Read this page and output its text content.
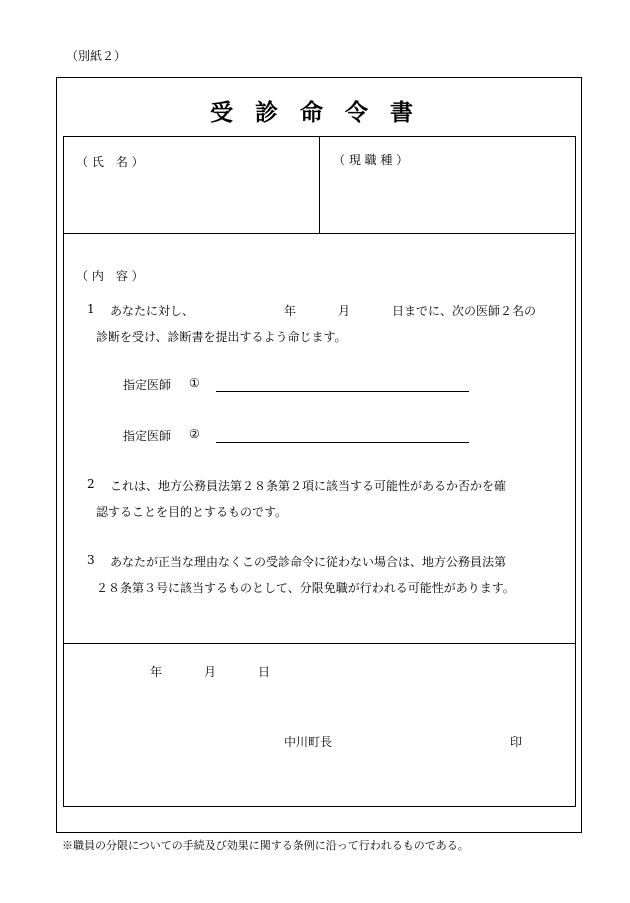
（別紙２）
受診命令書
（ 氏　名 ）	（ 現 職 種 ）
（ 内　容 ）
1 あなたに対し、	年	月	日までに、次の医師２名の
診断を受け、診断書を提出するよう命じます。
指定医師 ①
指定医師 ②
2 これは、地方公務員法第２８条第２項に該当する可能性があるか否かを確
認することを目的とするものです。
3 あなたが正当な理由なくこの受診命令に従わない場合は、地方公務員法第
２８条第３号に該当するものとして、分限免職が行われる可能性があります。
年	月	日
中川町長	印
※職員の分限についての手続及び効果に関する条例に沿って行われるものである。
